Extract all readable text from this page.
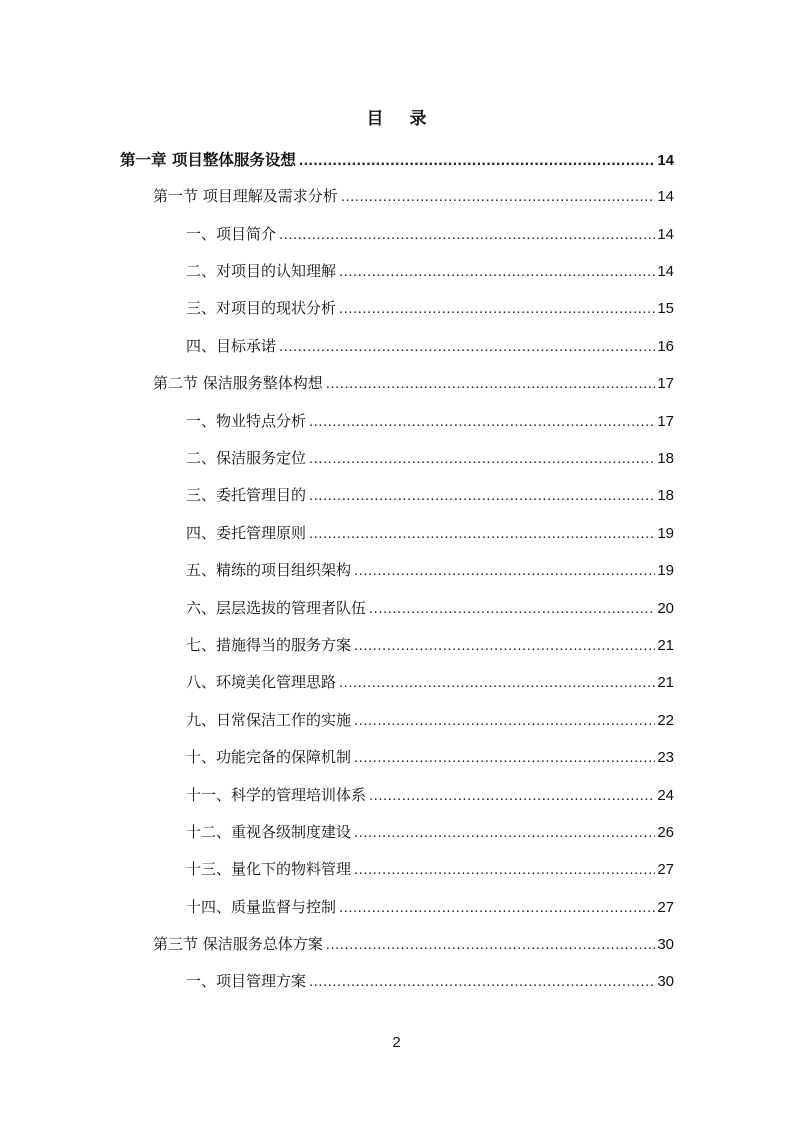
目 录
第一章 项目整体服务设想 .....	14
第一节 项目理解及需求分析 .....	14
一、项目简介 .....	14
二、对项目的认知理解 .....	14
三、对项目的现状分析 .....	15
四、目标承诺 .....	16
第二节 保洁服务整体构想 .....	17
一、物业特点分析 .....	17
二、保洁服务定位 .....	18
三、委托管理目的 .....	18
四、委托管理原则 .....	19
五、精练的项目组织架构 .....	19
六、层层选拔的管理者队伍 .....	20
七、措施得当的服务方案 .....	21
八、环境美化管理思路 .....	21
九、日常保洁工作的实施 .....	22
十、功能完备的保障机制 .....	23
十一、科学的管理培训体系 .....	24
十二、重视各级制度建设 .....	26
十三、量化下的物料管理 .....	27
十四、质量监督与控制 .....	27
第三节 保洁服务总体方案 .....	30
一、项目管理方案 .....	30
2
